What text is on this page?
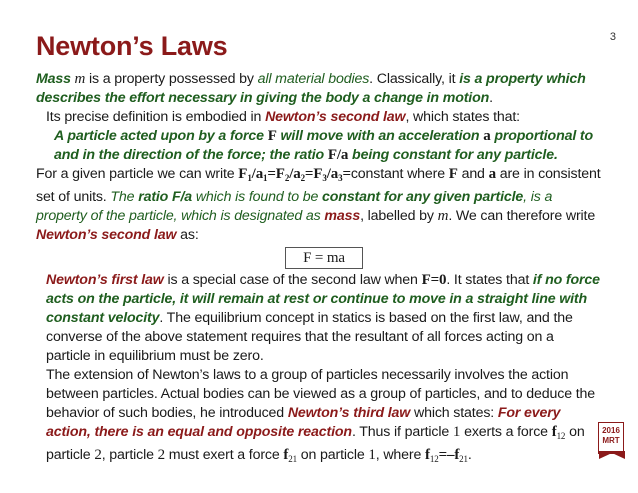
3
Newton’s Laws

Mass m is a property possessed by all material bodies. Classically, it is a property which describes the effort necessary in giving the body a change in motion.

Its precise definition is embodied in Newton’s second law, which states that:

A particle acted upon by a force F will move with an acceleration a proportional to and in the direction of the force; the ratio F/a being constant for any particle.

For a given particle we can write $F_1/a_1=F_2/a_2=F_3/a_3=constant$ where F and a are in consistent set of units. The ratio F/a which is found to be constant for any given particle, is a property of the particle, which is designated as mass, labelled by m. We can therefore write Newton’s second law as:

F = ma

Newton’s first law is a special case of the second law when F=0. It states that if no force acts on the particle, it will remain at rest or continue to move in a straight line with constant velocity. The equilibrium concept in statics is based on the first law, and the converse of the above statement requires that the resultant of all forces acting on a particle in equilibrium must be zero.

The extension of Newton’s laws to a group of particles necessarily involves the action between particles. Actual bodies can be viewed as a group of particles, and to deduce the behavior of such bodies, he introduced Newton’s third law which states: For every action, there is an equal and opposite reaction. Thus if particle 1 exerts a force $f_{12}$ on particle 2, particle 2 must exert a force $f_{21}$ on particle 1, where $f_{12}=-f_{21}$.

2016
MRT
